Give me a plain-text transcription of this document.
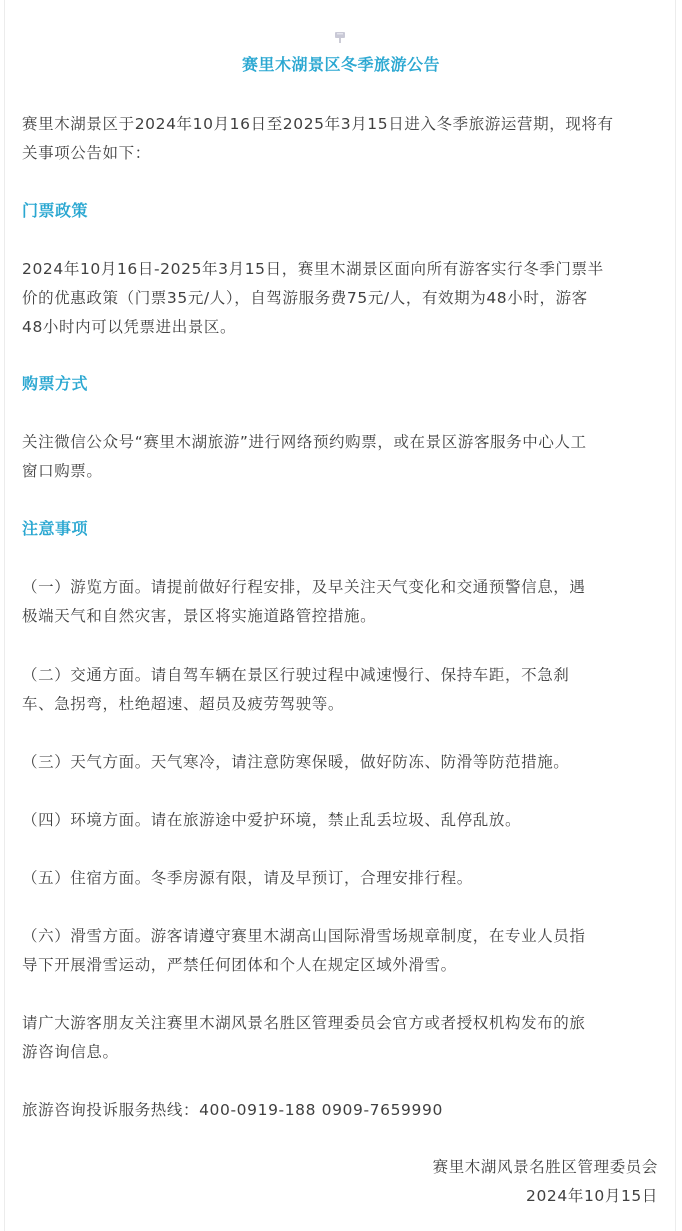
赛里木湖景区冬季旅游公告

赛里木湖景区于2024年10月16日至2025年3月15日进入冬季旅游运营期，现将有
关事项公告如下：

门票政策

2024年10月16日-2025年3月15日，赛里木湖景区面向所有游客实行冬季门票半
价的优惠政策（门票35元/人），自驾游服务费75元/人，有效期为48小时，游客
48小时内可以凭票进出景区。

购票方式

关注微信公众号“赛里木湖旅游”进行网络预约购票，或在景区游客服务中心人工
窗口购票。

注意事项

（一）游览方面。请提前做好行程安排，及早关注天气变化和交通预警信息，遇
极端天气和自然灾害，景区将实施道路管控措施。

（二）交通方面。请自驾车辆在景区行驶过程中减速慢行、保持车距，不急刹
车、急拐弯，杜绝超速、超员及疲劳驾驶等。

（三）天气方面。天气寒冷，请注意防寒保暖，做好防冻、防滑等防范措施。

（四）环境方面。请在旅游途中爱护环境，禁止乱丢垃圾、乱停乱放。

（五）住宿方面。冬季房源有限，请及早预订，合理安排行程。

（六）滑雪方面。游客请遵守赛里木湖高山国际滑雪场规章制度，在专业人员指
导下开展滑雪运动，严禁任何团体和个人在规定区域外滑雪。

请广大游客朋友关注赛里木湖风景名胜区管理委员会官方或者授权机构发布的旅
游咨询信息。

旅游咨询投诉服务热线：400-0919-188 0909-7659990

赛里木湖风景名胜区管理委员会

2024年10月15日
